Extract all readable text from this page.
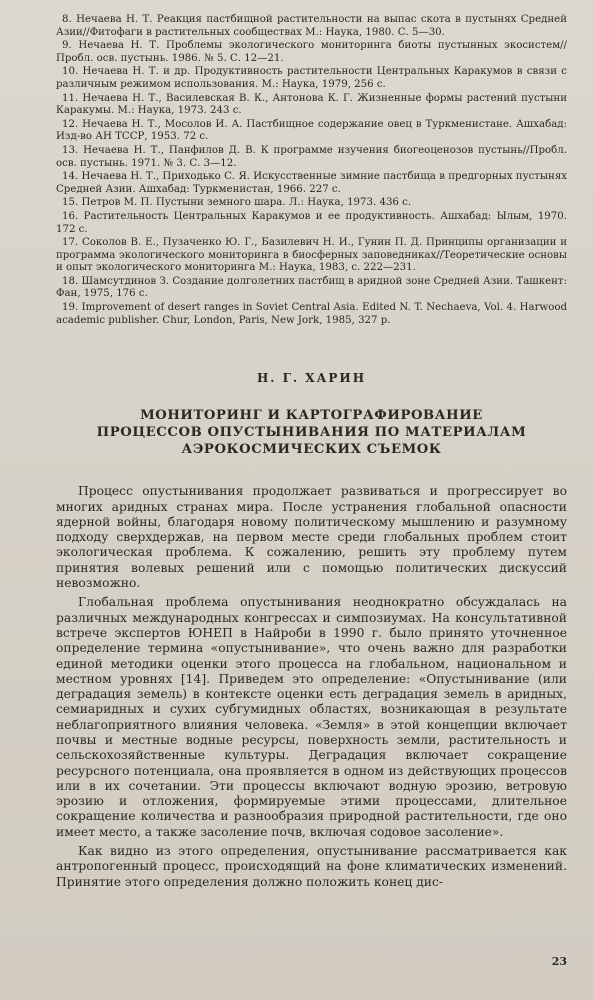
8. Нечаева Н. Т. Реакция пастбищной растительности на выпас скота в пустынях Средней Азии//Фитофаги в растительных сообществах М.: Наука, 1980. С. 5—30.

9. Нечаева Н. Т. Проблемы экологического мониторинга биоты пустынных экосистем//Пробл. осв. пустынь. 1986. № 5. С. 12—21.

10. Нечаева Н. Т. и др. Продуктивность растительности Центральных Каракумов в связи с различным режимом использования. М.: Наука, 1979, 256 с.

11. Нечаева Н. Т., Василевская В. К., Антонова К. Г. Жизненные формы растений пустыни Каракумы. М.: Наука, 1973. 243 с.

12. Нечаева Н. Т., Мосолов И. А. Пастбищное содержание овец в Туркменистане. Ашхабад: Изд-во АН ТССР, 1953. 72 с.

13. Нечаева Н. Т., Панфилов Д. В. К программе изучения биогеоценозов пустынь//Пробл. осв. пустынь. 1971. № 3. С. 3—12.

14. Нечаева Н. Т., Приходько С. Я. Искусственные зимние пастбища в предгорных пустынях Средней Азии. Ашхабад: Туркменистан, 1966. 227 с.

15. Петров М. П. Пустыни земного шара. Л.: Наука, 1973. 436 с.

16. Растительность Центральных Каракумов и ее продуктивность. Ашхабад: Ылым, 1970. 172 с.

17. Соколов В. Е., Пузаченко Ю. Г., Базилевич Н. И., Гунин П. Д. Принципы организации и программа экологического мониторинга в биосферных заповедниках//Теоретические основы и опыт экологического мониторинга М.: Наука, 1983, с. 222—231.

18. Шамсутдинов З. Создание долголетних пастбищ в аридной зоне Средней Азии. Ташкент: Фан, 1975, 176 с.

19. Improvement of desert ranges in Soviet Central Asia. Edited N. T. Nechaeva, Vol. 4. Harwood academic publisher. Chur, London, Paris, New Jork, 1985, 327 p.

Н. Г. ХАРИН
МОНИТОРИНГ И КАРТОГРАФИРОВАНИЕ
ПРОЦЕССОВ ОПУСТЫНИВАНИЯ ПО МАТЕРИАЛАМ
АЭРОКОСМИЧЕСКИХ СЪЕМОК

Процесс опустынивания продолжает развиваться и прогрессирует во многих аридных странах мира. После устранения глобальной опасности ядерной войны, благодаря новому политическому мышлению и разумному подходу сверхдержав, на первом месте среди глобальных проблем стоит экологическая проблема. К сожалению, решить эту проблему путем принятия волевых решений или с помощью политических дискуссий невозможно.

Глобальная проблема опустынивания неоднократно обсуждалась на различных международных конгрессах и симпозиумах. На консультативной встрече экспертов ЮНЕП в Найроби в 1990 г. было принято уточненное определение термина «опустынивание», что очень важно для разработки единой методики оценки этого процесса на глобальном, национальном и местном уровнях [14]. Приведем это определение: «Опустынивание (или деградация земель) в контексте оценки есть деградация земель в аридных, семиаридных и сухих субгумидных областях, возникающая в результате неблагоприятного влияния человека. «Земля» в этой концепции включает почвы и местные водные ресурсы, поверхность земли, растительность и сельскохозяйственные культуры. Деградация включает сокращение ресурсного потенциала, она проявляется в одном из действующих процессов или в их сочетании. Эти процессы включают водную эрозию, ветровую эрозию и отложения, формируемые этими процессами, длительное сокращение количества и разнообразия природной растительности, где оно имеет место, а также засоление почв, включая содовое засоление».

Как видно из этого определения, опустынивание рассматривается как антропогенный процесс, происходящий на фоне климатических изменений. Принятие этого определения должно положить конец дис-

23
